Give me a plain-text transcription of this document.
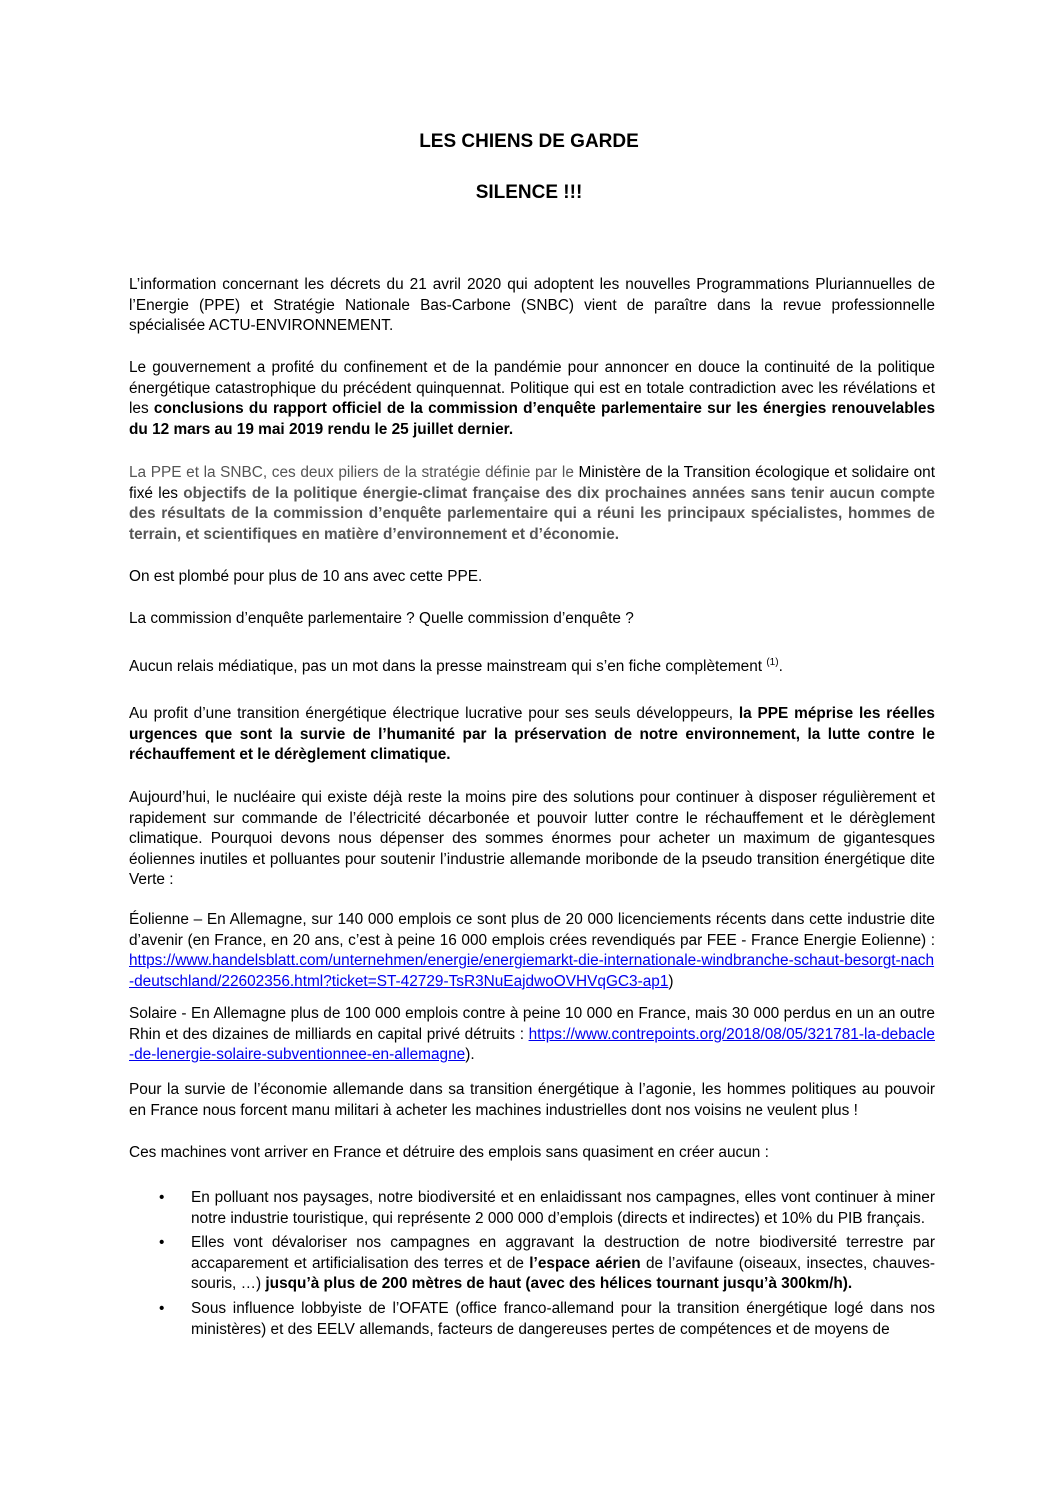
LES CHIENS DE GARDE
SILENCE !!!

L’information concernant les décrets du 21 avril 2020 qui adoptent les nouvelles Programmations Pluriannuelles de l’Energie (PPE) et Stratégie Nationale Bas-Carbone (SNBC) vient de paraître dans la revue professionnelle spécialisée ACTU-ENVIRONNEMENT.

Le gouvernement a profité du confinement et de la pandémie pour annoncer en douce la continuité de la politique énergétique catastrophique du précédent quinquennat. Politique qui est en totale contradiction avec les révélations et les conclusions du rapport officiel de la commission d’enquête parlementaire sur les énergies renouvelables du 12 mars au 19 mai 2019 rendu le 25 juillet dernier.

La PPE et la SNBC, ces deux piliers de la stratégie définie par le Ministère de la Transition écologique et solidaire ont fixé les objectifs de la politique énergie-climat française des dix prochaines années sans tenir aucun compte des résultats de la commission d’enquête parlementaire qui a réuni les principaux spécialistes, hommes de terrain, et scientifiques en matière d’environnement et d’économie.

On est plombé pour plus de 10 ans avec cette PPE.

La commission d’enquête parlementaire ? Quelle commission d’enquête ?

Aucun relais médiatique, pas un mot dans la presse mainstream qui s’en fiche complètement $^{(1)}$.

Au profit d’une transition énergétique électrique lucrative pour ses seuls développeurs, la PPE méprise les réelles urgences que sont la survie de l’humanité par la préservation de notre environnement, la lutte contre le réchauffement et le dérèglement climatique.

Aujourd’hui, le nucléaire qui existe déjà reste la moins pire des solutions pour continuer à disposer régulièrement et rapidement sur commande de l’électricité décarbonée et pouvoir lutter contre le réchauffement et le dérèglement climatique. Pourquoi devons nous dépenser des sommes énormes pour acheter un maximum de gigantesques éoliennes inutiles et polluantes pour soutenir l’industrie allemande moribonde de la pseudo transition énergétique dite Verte :

Éolienne – En Allemagne, sur 140 000 emplois ce sont plus de 20 000 licenciements récents dans cette industrie dite d’avenir (en France, en 20 ans, c’est à peine 16 000 emplois crées revendiqués par FEE - France Energie Eolienne) : https://www.handelsblatt.com/unternehmen/energie/energiemarkt-die-internationale-windbranche-schaut-besorgt-nach-deutschland/22602356.html?ticket=ST-42729-TsR3NuEajdwoOVHVqGC3-ap1)

Solaire - En Allemagne plus de 100 000 emplois contre à peine 10 000 en France, mais 30 000 perdus en un an outre Rhin et des dizaines de milliards en capital privé détruits : https://www.contrepoints.org/2018/08/05/321781-la-debacle-de-lenergie-solaire-subventionnee-en-allemagne).

Pour la survie de l’économie allemande dans sa transition énergétique à l’agonie, les hommes politiques au pouvoir en France nous forcent manu militari à acheter les machines industrielles dont nos voisins ne veulent plus !

Ces machines vont arriver en France et détruire des emplois sans quasiment en créer aucun :

• En polluant nos paysages, notre biodiversité et en enlaidissant nos campagnes, elles vont continuer à miner notre industrie touristique, qui représente 2 000 000 d’emplois (directs et indirectes) et 10% du PIB français.
• Elles vont dévaloriser nos campagnes en aggravant la destruction de notre biodiversité terrestre par accaparement et artificialisation des terres et de l’espace aérien de l’avifaune (oiseaux, insectes, chauves-souris, …) jusqu’à plus de 200 mètres de haut (avec des hélices tournant jusqu’à 300km/h).
• Sous influence lobbyiste de l’OFATE (office franco-allemand pour la transition énergétique logé dans nos ministères) et des EELV allemands, facteurs de dangereuses pertes de compétences et de moyens de
